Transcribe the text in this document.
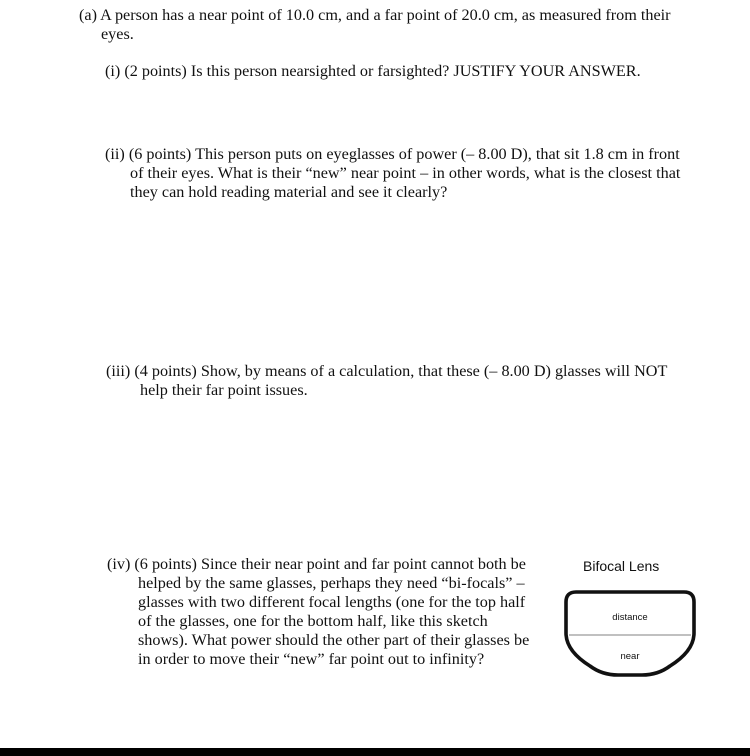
(a) A person has a near point of 10.0 cm, and a far point of 20.0 cm, as measured from their
eyes.
(i) (2 points) Is this person nearsighted or farsighted? JUSTIFY YOUR ANSWER.
(ii) (6 points) This person puts on eyeglasses of power (– 8.00 D), that sit 1.8 cm in front
of their eyes. What is their “new” near point – in other words, what is the closest that
they can hold reading material and see it clearly?
(iii) (4 points) Show, by means of a calculation, that these (– 8.00 D) glasses will NOT
help their far point issues.
(iv) (6 points) Since their near point and far point cannot both be
helped by the same glasses, perhaps they need “bi-focals” –
glasses with two different focal lengths (one for the top half
of the glasses, one for the bottom half, like this sketch
shows). What power should the other part of their glasses be
in order to move their “new” far point out to infinity?
Bifocal Lens
distance
near
